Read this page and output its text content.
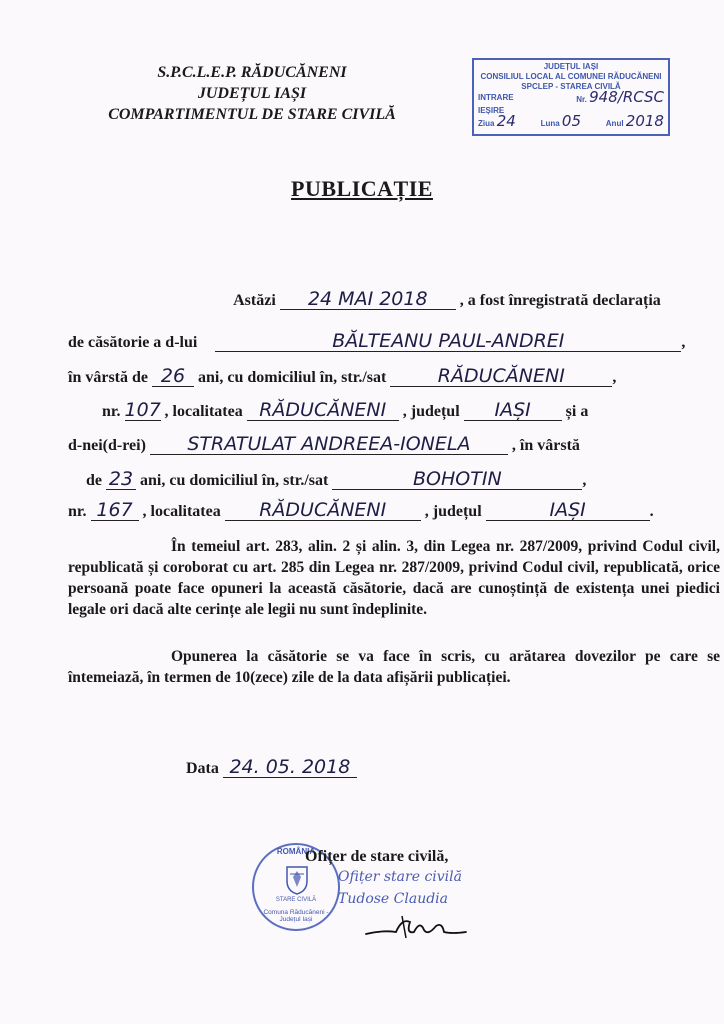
S.P.C.L.E.P. RĂDUCĂNENI
JUDEȚUL IAȘI
COMPARTIMENTUL DE STARE CIVILĂ
JUDEȚUL IAȘI
CONSILIUL LOCAL AL COMUNEI RĂDUCĂNENI
SPCLEP - STAREA CIVILĂ
INTRARE	Nr. 948/RCSC
IEȘIRE
Ziua 24	Luna 05	Anul 2018
PUBLICAȚIE
Astăzi 24 MAI 2018 , a fost înregistrată declarația
de căsătorie a d-lui	BĂLTEANU PAUL-ANDREI	,
în vârstă de 26 ani, cu domiciliul în, str./sat	RĂDUCĂNENI	,
nr. 107 , localitatea RĂDUCĂNENI , județul IAȘI și a
d-nei(d-rei) STRATULAT ANDREEA-IONELA	, în vârstă
de 23 ani, cu domiciliul în, str./sat	BOHOTIN	,
nr. 167 , localitatea RĂDUCĂNENI , județul	IAȘI	.
În temeiul art. 283, alin. 2 și alin. 3, din Legea nr. 287/2009, privind Codul civil, republicată și coroborat cu art. 285 din Legea nr. 287/2009, privind Codul civil, republicată, orice persoană poate face opuneri la această căsătorie, dacă are cunoștință de existența unei piedici legale ori dacă alte cerințe ale legii nu sunt îndeplinite.
Opunerea la căsătorie se va face în scris, cu arătarea dovezilor pe care se întemeiază, în termen de 10(zece) zile de la data afișării publicației.
Data 24. 05. 2018
ROMÂNIA
STARE CIVILĂ
Comuna Răducăneni - Județul Iași
Ofițer de stare civilă,
Ofițer stare civilă
Tudose Claudia
